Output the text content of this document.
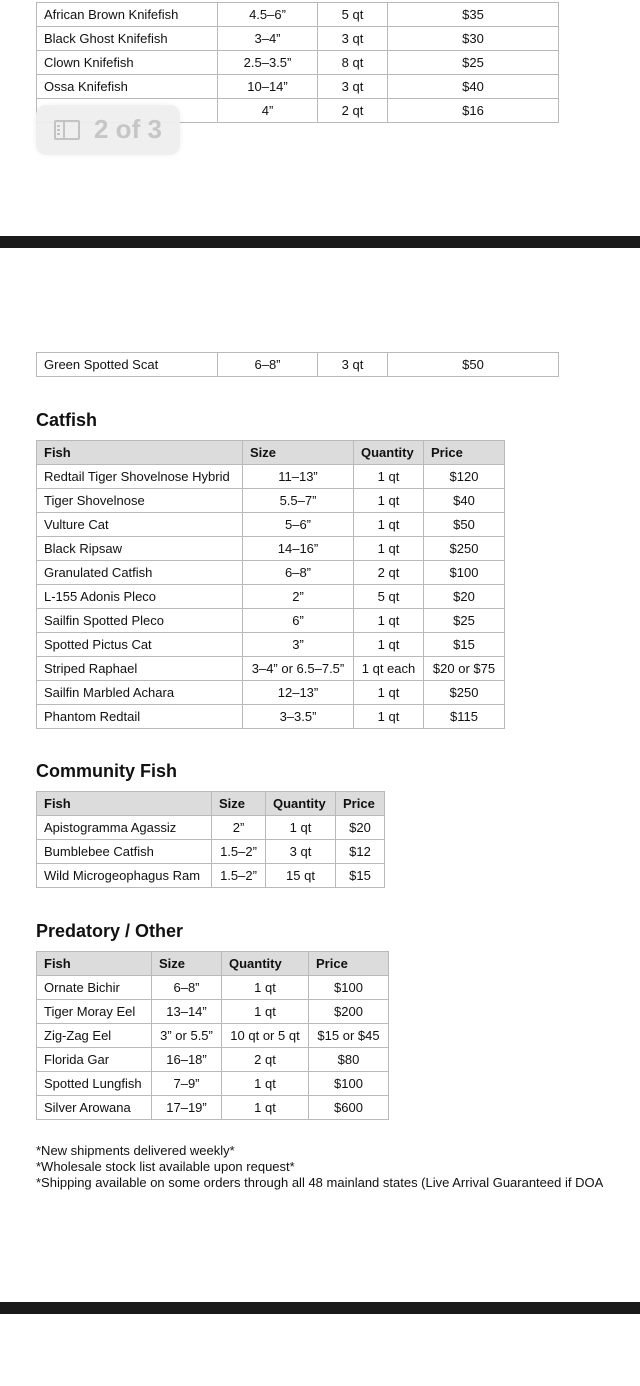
African Brown Knifefish	4.5–6”	5 qt	$35
Black Ghost Knifefish	3–4”	3 qt	$30
Clown Knifefish	2.5–3.5”	8 qt	$25
Ossa Knifefish	10–14”	3 qt	$40
	4”	2 qt	$16
2 of 3
Green Spotted Scat	6–8”	3 qt	$50
Catfish
Fish	Size	Quantity	Price
Redtail Tiger Shovelnose Hybrid	11–13”	1 qt	$120
Tiger Shovelnose	5.5–7”	1 qt	$40
Vulture Cat	5–6”	1 qt	$50
Black Ripsaw	14–16”	1 qt	$250
Granulated Catfish	6–8”	2 qt	$100
L-155 Adonis Pleco	2”	5 qt	$20
Sailfin Spotted Pleco	6”	1 qt	$25
Spotted Pictus Cat	3”	1 qt	$15
Striped Raphael	3–4” or 6.5–7.5”	1 qt each	$20 or $75
Sailfin Marbled Achara	12–13”	1 qt	$250
Phantom Redtail	3–3.5”	1 qt	$115
Community Fish
Fish	Size	Quantity	Price
Apistogramma Agassiz	2”	1 qt	$20
Bumblebee Catfish	1.5–2”	3 qt	$12
Wild Microgeophagus Ram	1.5–2”	15 qt	$15
Predatory / Other
Fish	Size	Quantity	Price
Ornate Bichir	6–8”	1 qt	$100
Tiger Moray Eel	13–14”	1 qt	$200
Zig-Zag Eel	3” or 5.5”	10 qt or 5 qt	$15 or $45
Florida Gar	16–18”	2 qt	$80
Spotted Lungfish	7–9”	1 qt	$100
Silver Arowana	17–19”	1 qt	$600
*New shipments delivered weekly*
*Wholesale stock list available upon request*
*Shipping available on some orders through all 48 mainland states (Live Arrival Guaranteed if DOA
